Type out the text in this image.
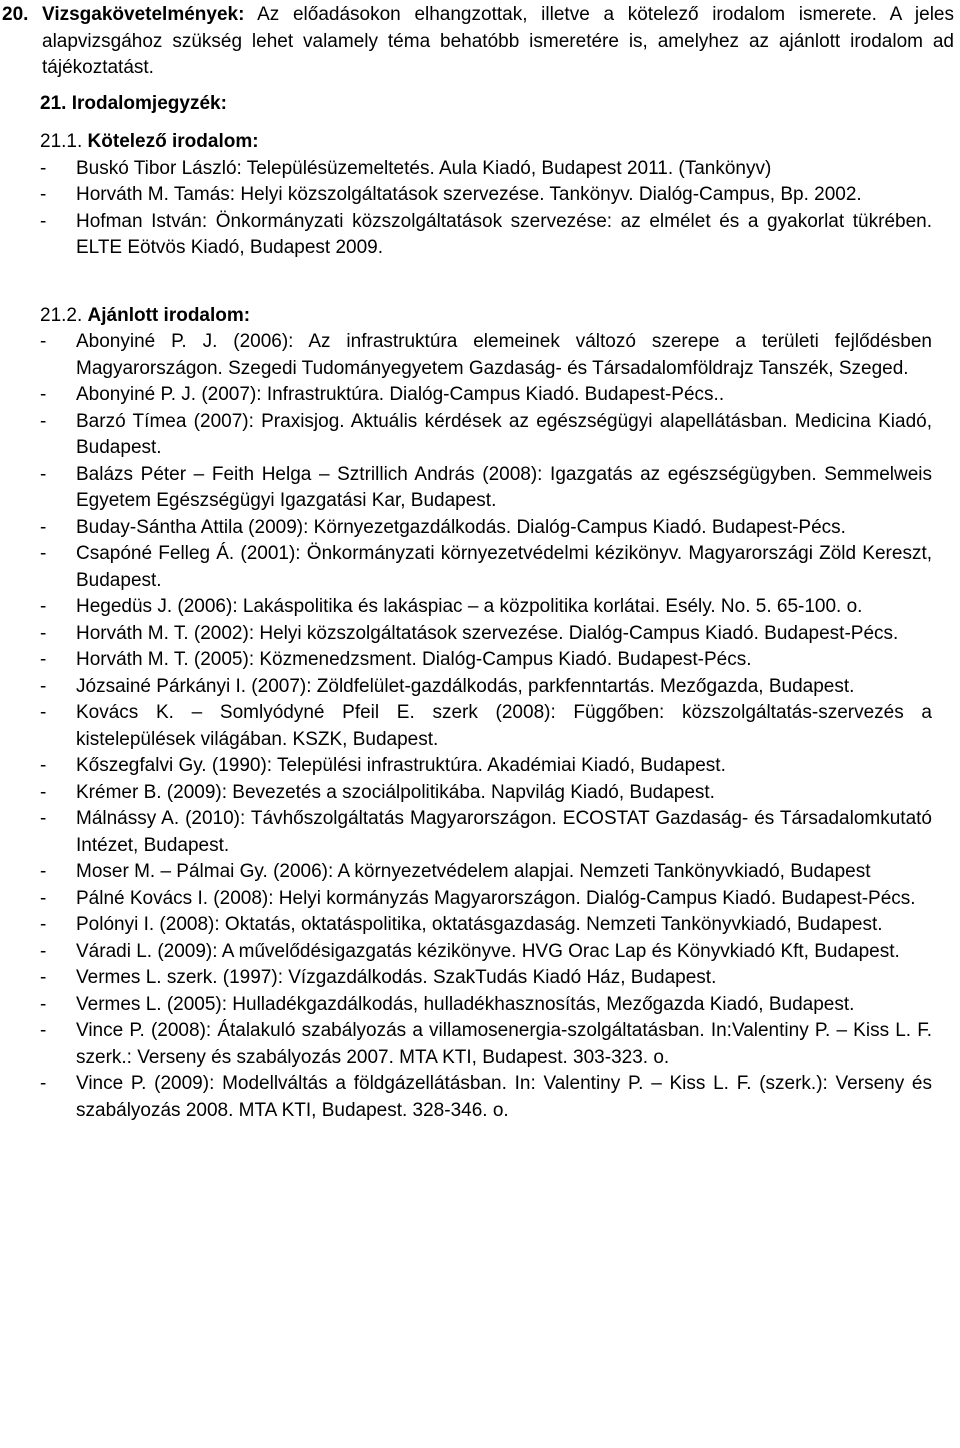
20. Vizsgakövetelmények: Az előadásokon elhangzottak, illetve a kötelező irodalom ismerete. A jeles alapvizsgához szükség lehet valamely téma behatóbb ismeretére is, amelyhez az ajánlott irodalom ad tájékoztatást.
21. Irodalomjegyzék:
21.1. Kötelező irodalom:
-	Buskó Tibor László: Településüzemeltetés. Aula Kiadó, Budapest 2011. (Tankönyv)
-	Horváth M. Tamás: Helyi közszolgáltatások szervezése. Tankönyv. Dialóg-Campus, Bp. 2002.
-	Hofman István: Önkormányzati közszolgáltatások szervezése: az elmélet és a gyakorlat tükrében. ELTE Eötvös Kiadó, Budapest 2009.
21.2. Ajánlott irodalom:
-	Abonyiné P. J. (2006): Az infrastruktúra elemeinek változó szerepe a területi fejlődésben Magyarországon. Szegedi Tudományegyetem Gazdaság- és Társadalomföldrajz Tanszék, Szeged.
-	Abonyiné P. J. (2007): Infrastruktúra. Dialóg-Campus Kiadó. Budapest-Pécs..
-	Barzó Tímea (2007): Praxisjog. Aktuális kérdések az egészségügyi alapellátásban. Medicina Kiadó, Budapest.
-	Balázs Péter – Feith Helga – Sztrillich András (2008): Igazgatás az egészségügyben. Semmelweis Egyetem Egészségügyi Igazgatási Kar, Budapest.
-	Buday-Sántha Attila (2009): Környezetgazdálkodás. Dialóg-Campus Kiadó. Budapest-Pécs.
-	Csapóné Felleg Á. (2001): Önkormányzati környezetvédelmi kézikönyv. Magyarországi Zöld Kereszt, Budapest.
-	Hegedüs J. (2006): Lakáspolitika és lakáspiac – a közpolitika korlátai. Esély. No. 5. 65-100. o.
-	Horváth M. T. (2002): Helyi közszolgáltatások szervezése. Dialóg-Campus Kiadó. Budapest-Pécs.
-	Horváth M. T. (2005): Közmenedzsment. Dialóg-Campus Kiadó. Budapest-Pécs.
-	Józsainé Párkányi I. (2007): Zöldfelület-gazdálkodás, parkfenntartás. Mezőgazda, Budapest.
-	Kovács K. – Somlyódyné Pfeil E. szerk (2008): Függőben: közszolgáltatás-szervezés a kistelepülések világában. KSZK, Budapest.
-	Kőszegfalvi Gy. (1990): Települési infrastruktúra. Akadémiai Kiadó, Budapest.
-	Krémer B. (2009): Bevezetés a szociálpolitikába. Napvilág Kiadó, Budapest.
-	Málnássy A. (2010): Távhőszolgáltatás Magyarországon. ECOSTAT Gazdaság- és Társadalomkutató Intézet, Budapest.
-	Moser M. – Pálmai Gy. (2006): A környezetvédelem alapjai. Nemzeti Tankönyvkiadó, Budapest
-	Pálné Kovács I. (2008): Helyi kormányzás Magyarországon. Dialóg-Campus Kiadó. Budapest-Pécs.
-	Polónyi I. (2008): Oktatás, oktatáspolitika, oktatásgazdaság. Nemzeti Tankönyvkiadó, Budapest.
-	Váradi L. (2009): A művelődésigazgatás kézikönyve. HVG Orac Lap és Könyvkiadó Kft, Budapest.
-	Vermes L. szerk. (1997): Vízgazdálkodás. SzakTudás Kiadó Ház, Budapest.
-	Vermes L. (2005): Hulladékgazdálkodás, hulladékhasznosítás, Mezőgazda Kiadó, Budapest.
-	Vince P. (2008): Átalakuló szabályozás a villamosenergia-szolgáltatásban. In:Valentiny P. – Kiss L. F. szerk.: Verseny és szabályozás 2007. MTA KTI, Budapest. 303-323. o.
-	Vince P. (2009): Modellváltás a földgázellátásban. In: Valentiny P. – Kiss L. F. (szerk.): Verseny és szabályozás 2008. MTA KTI, Budapest. 328-346. o.
